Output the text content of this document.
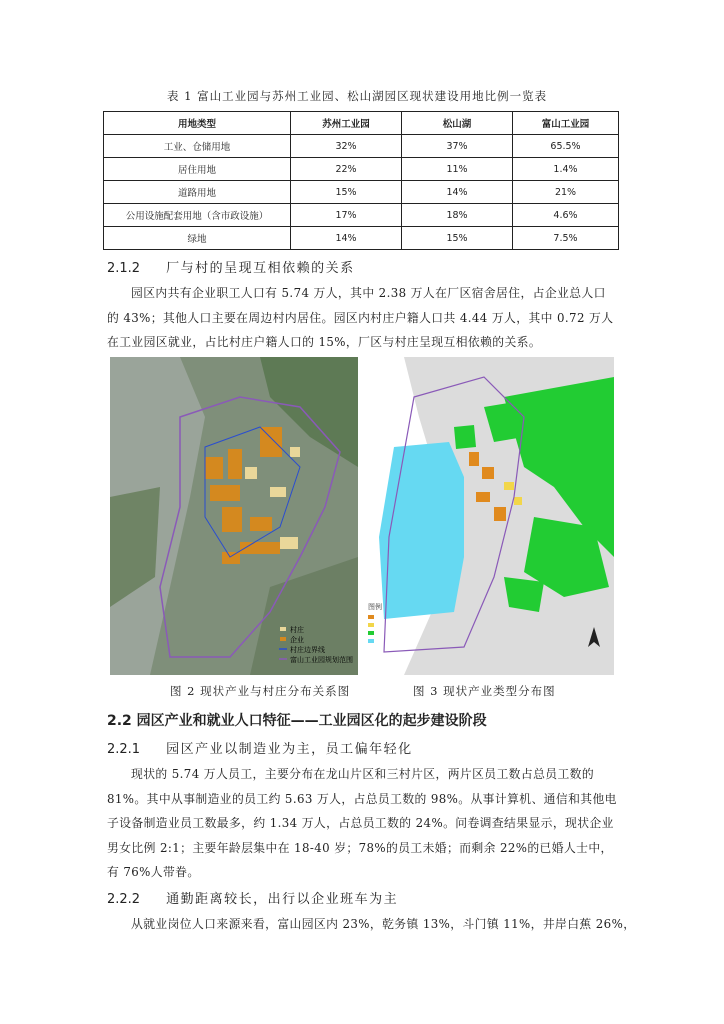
表 1 富山工业园与苏州工业园、松山湖园区现状建设用地比例一览表
用地类型	苏州工业园	松山湖	富山工业园
工业、仓储用地	32%	37%	65.5%
居住用地	22%	11%	1.4%
道路用地	15%	14%	21%
公用设施配套用地（含市政设施）	17%	18%	4.6%
绿地	14%	15%	7.5%
2.1.2 厂与村的呈现互相依赖的关系
园区内共有企业职工人口有 5.74 万人，其中 2.38 万人在厂区宿舍居住，占企业总人口的 43%；其他人口主要在周边村内居住。园区内村庄户籍人口共 4.44 万人，其中 0.72 万人在工业园区就业，占比村庄户籍人口的 15%，厂区与村庄呈现互相依赖的关系。
村庄
企业
村庄边界线
富山工业园规划范围
图例
图 2 现状产业与村庄分布关系图	图 3 现状产业类型分布图
2.2 园区产业和就业人口特征——工业园区化的起步建设阶段
2.2.1 园区产业以制造业为主，员工偏年轻化
现状的 5.74 万人员工，主要分布在龙山片区和三村片区，两片区员工数占总员工数的 81%。其中从事制造业的员工约 5.63 万人，占总员工数的 98%。从事计算机、通信和其他电子设备制造业员工数最多，约 1.34 万人，占总员工数的 24%。问卷调查结果显示，现状企业男女比例 2:1；主要年龄层集中在 18-40 岁；78%的员工未婚；而剩余 22%的已婚人士中，有 76%人带眷。
2.2.2 通勤距离较长，出行以企业班车为主
从就业岗位人口来源来看，富山园区内 23%，乾务镇 13%，斗门镇 11%，井岸白蕉 26%，
